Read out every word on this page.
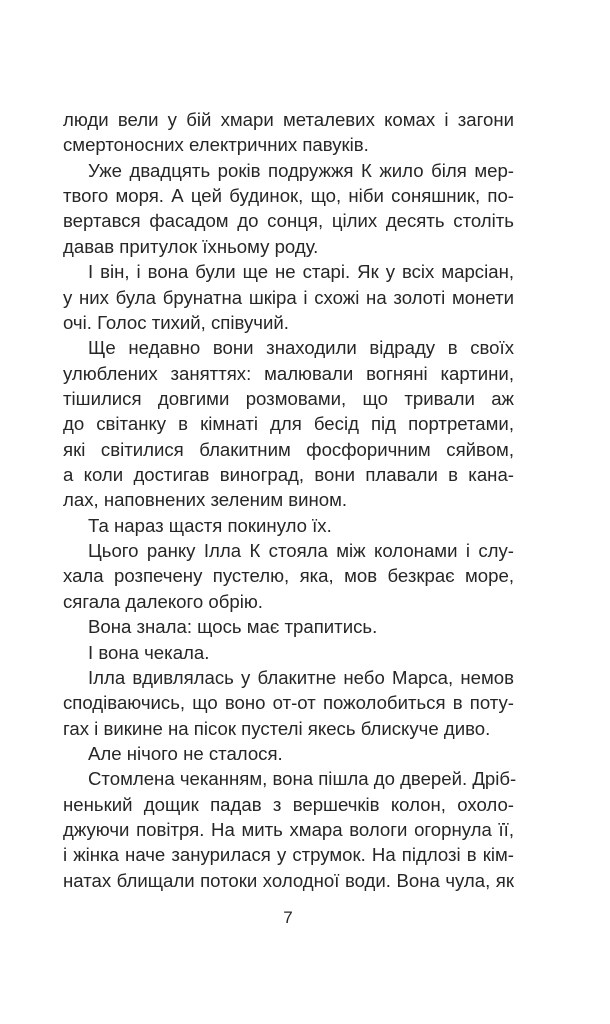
люди вели у бій хмари металевих комах і загони
смертоносних електричних павуків.
Уже двадцять років подружжя К жило біля мер-
твого моря. А цей будинок, що, ніби соняшник, по-
вертався фасадом до сонця, цілих десять століть
давав притулок їхньому роду.
І він, і вона були ще не старі. Як у всіх марсіан,
у них була брунатна шкіра і схожі на золоті монети
очі. Голос тихий, співучий.
Ще недавно вони знаходили відраду в своїх
улюблених заняттях: малювали вогняні картини,
тішилися довгими розмовами, що тривали аж
до світанку в кімнаті для бесід під портретами,
які світилися блакитним фосфоричним сяйвом,
а коли достигав виноград, вони плавали в кана-
лах, наповнених зеленим вином.
Та нараз щастя покинуло їх.
Цього ранку Ілла К стояла між колонами і слу-
хала розпечену пустелю, яка, мов безкрає море,
сягала далекого обрію.
Вона знала: щось має трапитись.
І вона чекала.
Ілла вдивлялась у блакитне небо Марса, немов
сподіваючись, що воно от-от пожолобиться в поту-
гах і викине на пісок пустелі якесь блискуче диво.
Але нічого не сталося.
Стомлена чеканням, вона пішла до дверей. Дріб-
ненький дощик падав з вершечків колон, охоло-
джуючи повітря. На мить хмара вологи огорнула її,
і жінка наче занурилася у струмок. На підлозі в кім-
натах блищали потоки холодної води. Вона чула, як
7
